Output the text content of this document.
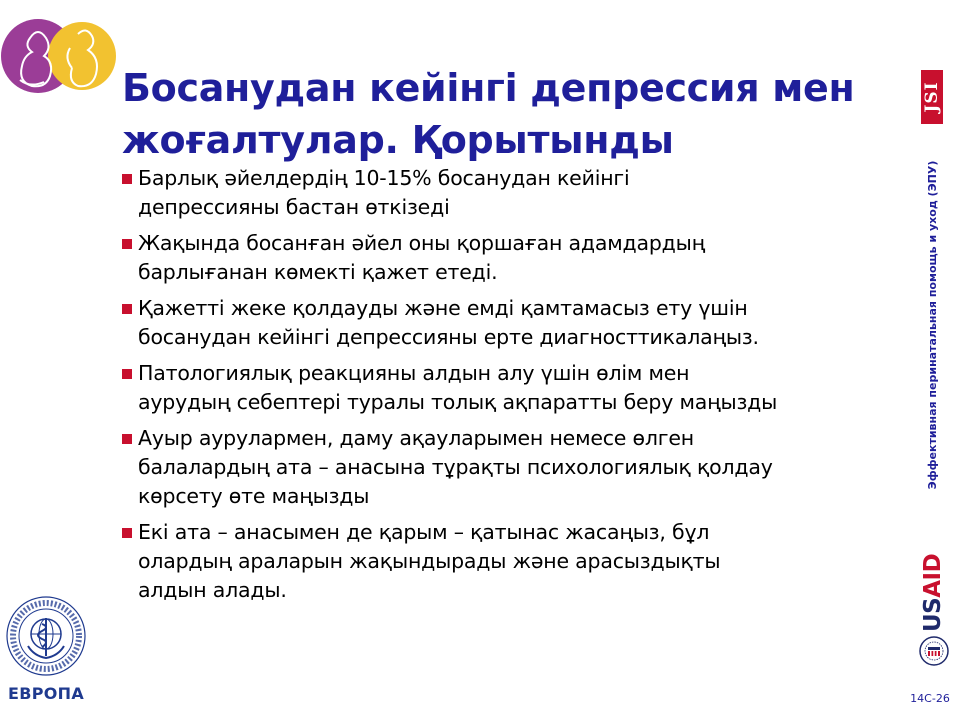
Босанудан кейінгі депрессия мен
жоғалтулар. Қорытынды
Барлық әйелдердің 10-15% босанудан кейінгі
депрессияны бастан өткізеді
Жақында босанған әйел оны қоршаған адамдардың
барлығанан көмекті қажет етеді.
Қажетті жеке қолдауды және емді қамтамасыз ету үшін
босанудан кейінгі депрессияны ерте диагносттикалаңыз.
Патологиялық реакцияны алдын алу үшін өлім мен
аурудың себептері туралы толық ақпаратты беру маңызды
Ауыр аурулармен, даму ақауларымен немесе өлген
балалардың ата – анасына тұрақты психологиялық қолдау
көрсету өте маңызды
Екі ата – анасымен де қарым – қатынас жасаңыз, бұл
олардың араларын жақындырады және арасыздықты
алдын алады.
JSI
Эффективная перинатальная помощь и уход (ЭПУ)
USAID
ЕВРОПА	14С-26
